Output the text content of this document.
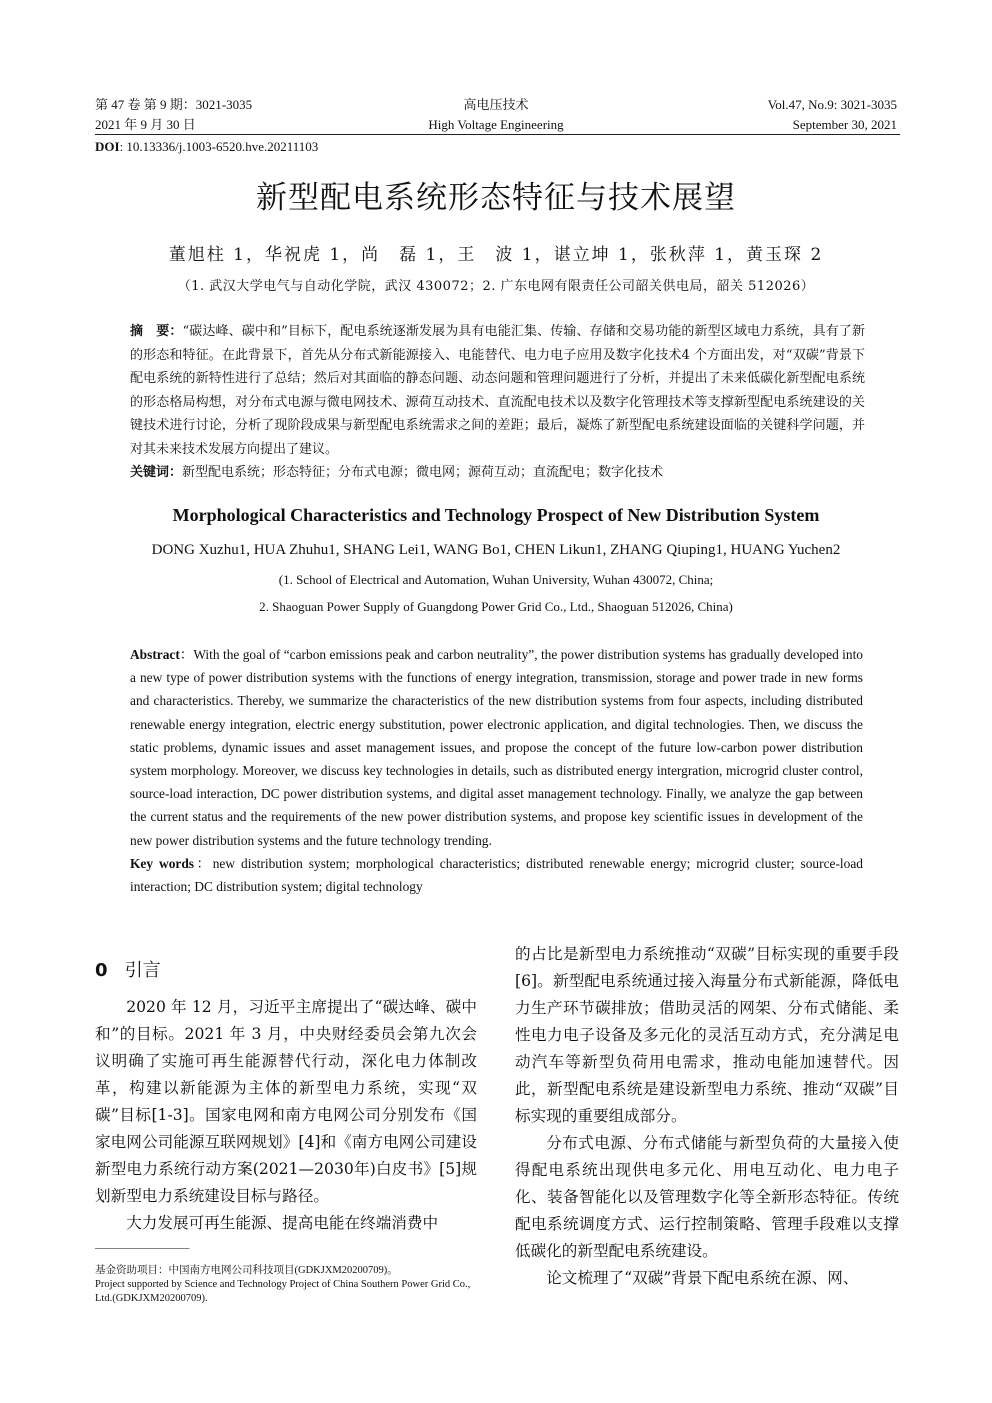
第 47 卷 第 9 期：3021-3035
2021 年 9 月 30 日
高电压技术
High Voltage Engineering
Vol.47, No.9: 3021-3035
September 30, 2021
DOI: 10.13336/j.1003-6520.hve.20211103
新型配电系统形态特征与技术展望
董旭柱 1，华祝虎 1，尚　磊 1，王　波 1，谌立坤 1，张秋萍 1，黄玉琛 2
（1. 武汉大学电气与自动化学院，武汉 430072；2. 广东电网有限责任公司韶关供电局，韶关 512026）
摘　要：“碳达峰、碳中和”目标下，配电系统逐渐发展为具有电能汇集、传输、存储和交易功能的新型区域电力系统，具有了新的形态和特征。在此背景下，首先从分布式新能源接入、电能替代、电力电子应用及数字化技术4 个方面出发，对“双碳”背景下配电系统的新特性进行了总结；然后对其面临的静态问题、动态问题和管理问题进行了分析，并提出了未来低碳化新型配电系统的形态格局构想，对分布式电源与微电网技术、源荷互动技术、直流配电技术以及数字化管理技术等支撑新型配电系统建设的关键技术进行讨论，分析了现阶段成果与新型配电系统需求之间的差距；最后，凝炼了新型配电系统建设面临的关键科学问题，并对其未来技术发展方向提出了建议。
关键词：新型配电系统；形态特征；分布式电源；微电网；源荷互动；直流配电；数字化技术
Morphological Characteristics and Technology Prospect of New Distribution System
DONG Xuzhu1, HUA Zhuhu1, SHANG Lei1, WANG Bo1, CHEN Likun1, ZHANG Qiuping1, HUANG Yuchen2
(1. School of Electrical and Automation, Wuhan University, Wuhan 430072, China;
2. Shaoguan Power Supply of Guangdong Power Grid Co., Ltd., Shaoguan 512026, China)
Abstract：With the goal of “carbon emissions peak and carbon neutrality”, the power distribution systems has gradually developed into a new type of power distribution systems with the functions of energy integration, transmission, storage and power trade in new forms and characteristics. Thereby, we summarize the characteristics of the new distribution systems from four aspects, including distributed renewable energy integration, electric energy substitution, power electronic application, and digital technologies. Then, we discuss the static problems, dynamic issues and asset management issues, and propose the concept of the future low-carbon power distribution system morphology. Moreover, we discuss key technologies in details, such as distributed energy intergration, microgrid cluster control, source-load interaction, DC power distribution systems, and digital asset management technology. Finally, we analyze the gap between the current status and the requirements of the new power distribution systems, and propose key scientific issues in development of the new power distribution systems and the future technology trending.
Key words：new distribution system; morphological characteristics; distributed renewable energy; microgrid cluster; source-load interaction; DC distribution system; digital technology
0 引言

2020 年 12 月，习近平主席提出了“碳达峰、碳中和”的目标。2021 年 3 月，中央财经委员会第九次会议明确了实施可再生能源替代行动，深化电力体制改革，构建以新能源为主体的新型电力系统，实现“双碳”目标[1-3]。国家电网和南方电网公司分别发布《国家电网公司能源互联网规划》[4]和《南方电网公司建设新型电力系统行动方案(2021—2030年)白皮书》[5]规划新型电力系统建设目标与路径。

大力发展可再生能源、提高电能在终端消费中

的占比是新型电力系统推动“双碳”目标实现的重要手段[6]。新型配电系统通过接入海量分布式新能源，降低电力生产环节碳排放；借助灵活的网架、分布式储能、柔性电力电子设备及多元化的灵活互动方式，充分满足电动汽车等新型负荷用电需求，推动电能加速替代。因此，新型配电系统是建设新型电力系统、推动“双碳”目标实现的重要组成部分。

分布式电源、分布式储能与新型负荷的大量接入使得配电系统出现供电多元化、用电互动化、电力电子化、装备智能化以及管理数字化等全新形态特征。传统配电系统调度方式、运行控制策略、管理手段难以支撑低碳化的新型配电系统建设。

论文梳理了“双碳”背景下配电系统在源、网、

—————————
基金资助项目：中国南方电网公司科技项目(GDKJXM20200709)。
Project supported by Science and Technology Project of China Southern Power Grid Co., Ltd.(GDKJXM20200709).
